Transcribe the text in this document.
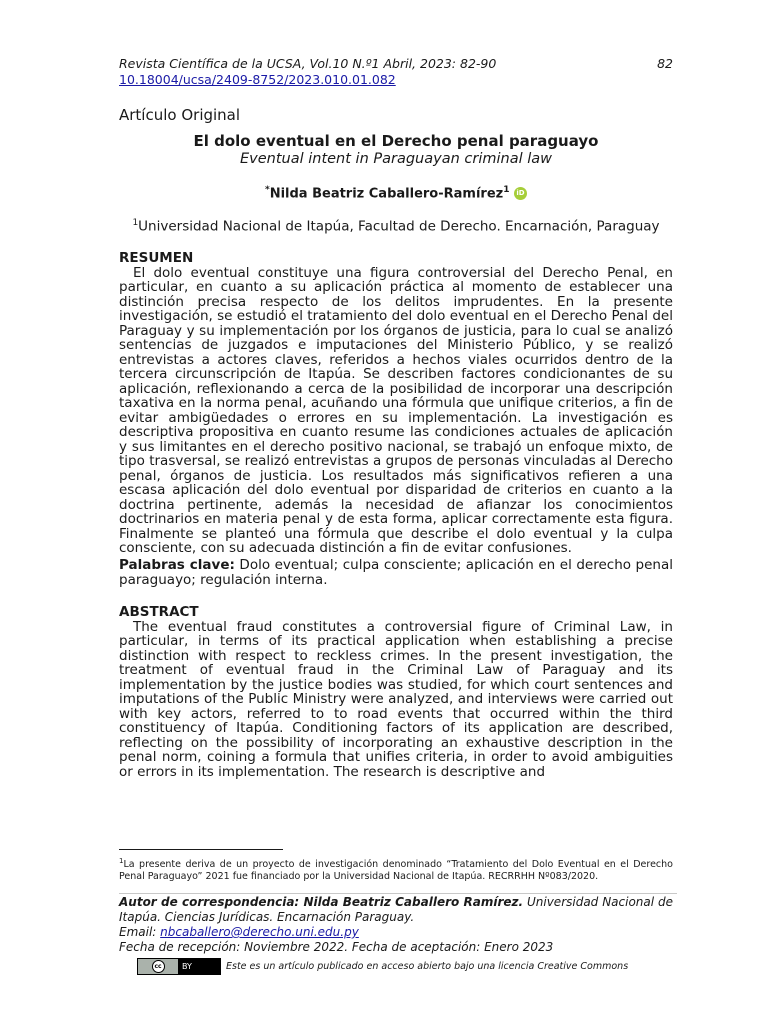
Revista Científica de la UCSA, Vol.10 N.º1 Abril, 2023: 82-90	82
10.18004/ucsa/2409-8752/2023.010.01.082
Artículo Original
El dolo eventual en el Derecho penal paraguayo
Eventual intent in Paraguayan criminal law
*Nilda Beatriz Caballero-Ramírez$^1$ iD
$^1$Universidad Nacional de Itapúa, Facultad de Derecho. Encarnación, Paraguay
RESUMEN

El dolo eventual constituye una figura controversial del Derecho Penal, en particular, en cuanto a su aplicación práctica al momento de establecer una distinción precisa respecto de los delitos imprudentes. En la presente investigación, se estudió el tratamiento del dolo eventual en el Derecho Penal del Paraguay y su implementación por los órganos de justicia, para lo cual se analizó sentencias de juzgados e imputaciones del Ministerio Público, y se realizó entrevistas a actores claves, referidos a hechos viales ocurridos dentro de la tercera circunscripción de Itapúa. Se describen factores condicionantes de su aplicación, reflexionando a cerca de la posibilidad de incorporar una descripción taxativa en la norma penal, acuñando una fórmula que unifique criterios, a fin de evitar ambigüedades o errores en su implementación. La investigación es descriptiva propositiva en cuanto resume las condiciones actuales de aplicación y sus limitantes en el derecho positivo nacional, se trabajó un enfoque mixto, de tipo trasversal, se realizó entrevistas a grupos de personas vinculadas al Derecho penal, órganos de justicia. Los resultados más significativos refieren a una escasa aplicación del dolo eventual por disparidad de criterios en cuanto a la doctrina pertinente, además la necesidad de afianzar los conocimientos doctrinarios en materia penal y de esta forma, aplicar correctamente esta figura. Finalmente se planteó una fórmula que describe el dolo eventual y la culpa consciente, con su adecuada distinción a fin de evitar confusiones.

Palabras clave: Dolo eventual; culpa consciente; aplicación en el derecho penal paraguayo; regulación interna.

ABSTRACT

The eventual fraud constitutes a controversial figure of Criminal Law, in particular, in terms of its practical application when establishing a precise distinction with respect to reckless crimes. In the present investigation, the treatment of eventual fraud in the Criminal Law of Paraguay and its implementation by the justice bodies was studied, for which court sentences and imputations of the Public Ministry were analyzed, and interviews were carried out with key actors, referred to to road events that occurred within the third constituency of Itapúa. Conditioning factors of its application are described, reflecting on the possibility of incorporating an exhaustive description in the penal norm, coining a formula that unifies criteria, in order to avoid ambiguities or errors in its implementation. The research is descriptive and

$^1$La presente deriva de un proyecto de investigación denominado “Tratamiento del Dolo Eventual en el Derecho Penal Paraguayo” 2021 fue financiado por la Universidad Nacional de Itapúa. RECRRHH Nº083/2020.
Autor de correspondencia: Nilda Beatriz Caballero Ramírez. Universidad Nacional de Itapúa. Ciencias Jurídicas. Encarnación Paraguay.
Email: nbcaballero@derecho.uni.edu.py
Fecha de recepción: Noviembre 2022. Fecha de aceptación: Enero 2023
cc	BY	Este es un artículo publicado en acceso abierto bajo una licencia Creative Commons
